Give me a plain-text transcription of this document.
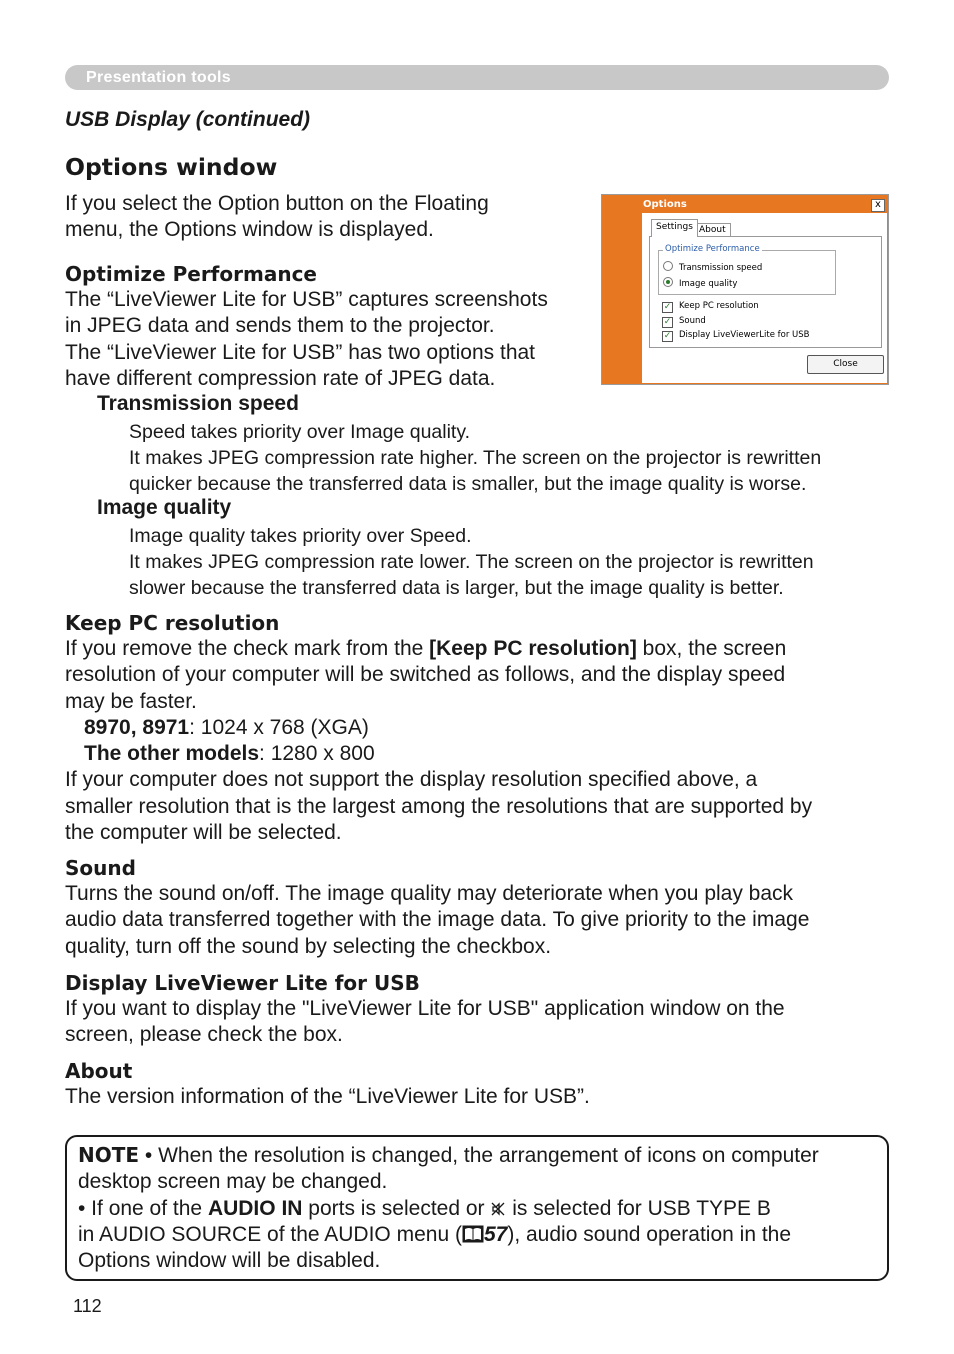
Presentation tools
USB Display (continued)
Options window
If you select the Option button on the Floating
menu, the Options window is displayed.
Options	x
Settings About
Optimize Performance
Transmission speed
Image quality
✓ Keep PC resolution
✓ Sound
✓ Display LiveViewerLite for USB
Close
Optimize Performance
The “LiveViewer Lite for USB” captures screenshots
in JPEG data and sends them to the projector.
The “LiveViewer Lite for USB” has two options that
have different compression rate of JPEG data.
Transmission speed
Speed takes priority over Image quality.
It makes JPEG compression rate higher. The screen on the projector is rewritten
quicker because the transferred data is smaller, but the image quality is worse.
Image quality
Image quality takes priority over Speed.
It makes JPEG compression rate lower. The screen on the projector is rewritten
slower because the transferred data is larger, but the image quality is better.
Keep PC resolution
If you remove the check mark from the [Keep PC resolution] box, the screen
resolution of your computer will be switched as follows, and the display speed
may be faster.
8970, 8971: 1024 x 768 (XGA)
The other models: 1280 x 800
If your computer does not support the display resolution specified above, a
smaller resolution that is the largest among the resolutions that are supported by
the computer will be selected.
Sound
Turns the sound on/off. The image quality may deteriorate when you play back
audio data transferred together with the image data. To give priority to the image
quality, turn off the sound by selecting the checkbox.
Display LiveViewer Lite for USB
If you want to display the "LiveViewer Lite for USB" application window on the
screen, please check the box.
About
The version information of the “LiveViewer Lite for USB”.
NOTE • When the resolution is changed, the arrangement of icons on computer
desktop screen may be changed.
• If one of the AUDIO IN ports is selected or  is selected for USB TYPE B
in AUDIO SOURCE of the AUDIO menu ( 57), audio sound operation in the
Options window will be disabled.
112
